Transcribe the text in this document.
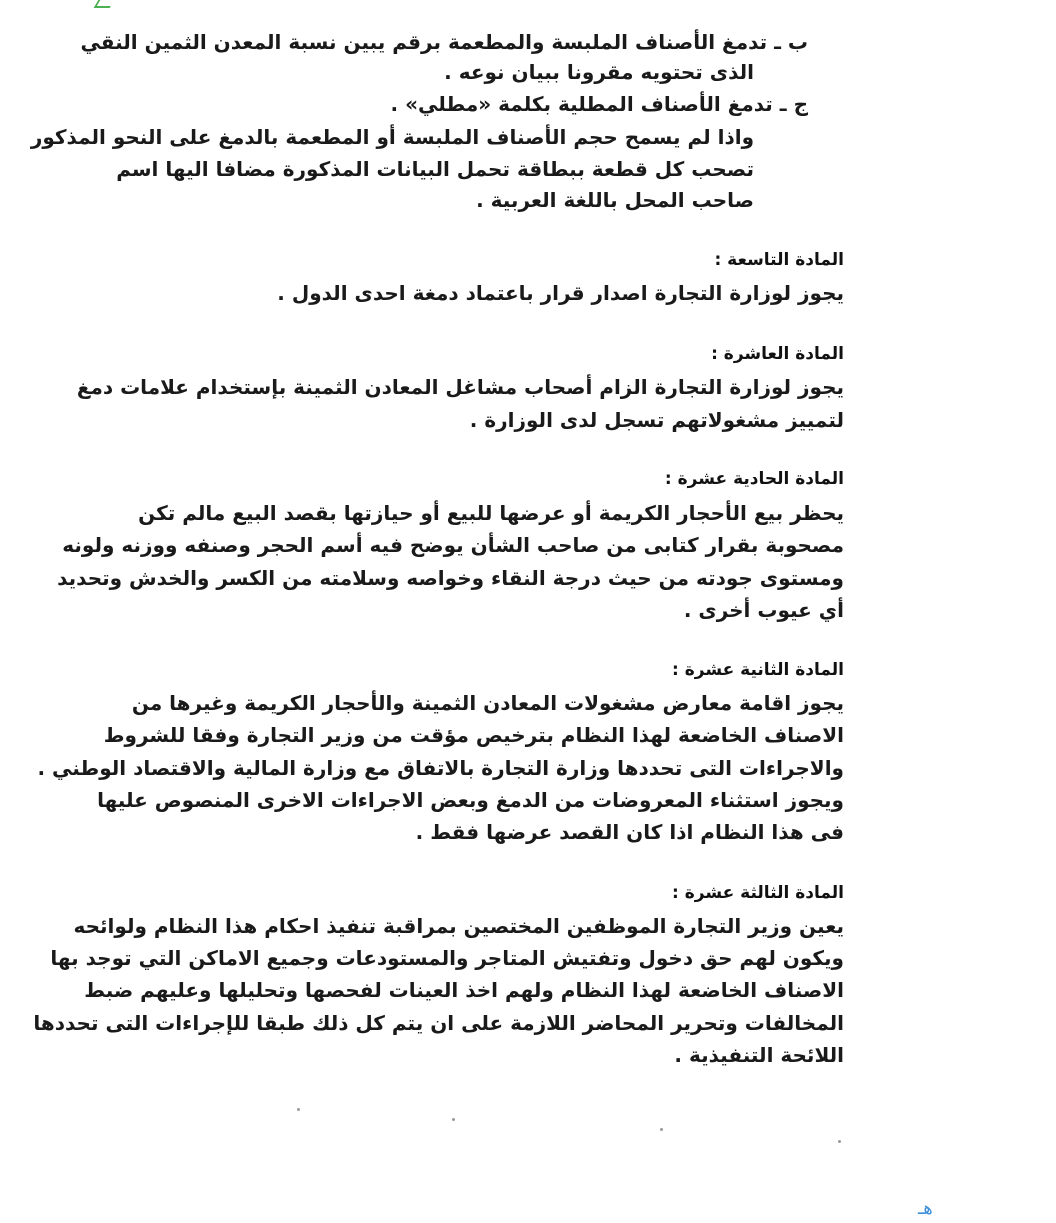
ب ـ تدمغ الأصناف الملبسة والمطعمة برقم يبين نسبة المعدن الثمين النقي
الذى تحتويه مقرونا ببيان نوعه .
ج ـ تدمغ الأصناف المطلية بكلمة «مطلي» .
واذا لم يسمح حجم الأصناف الملبسة أو المطعمة بالدمغ على النحو المذكور
تصحب كل قطعة ببطاقة تحمل البيانات المذكورة مضافا اليها اسم
صاحب المحل باللغة العربية .
المادة التاسعة :
يجوز لوزارة التجارة اصدار قرار باعتماد دمغة احدى الدول .
المادة العاشرة :
يجوز لوزارة التجارة الزام أصحاب مشاغل المعادن الثمينة بإستخدام علامات دمغ
لتمييز مشغولاتهم تسجل لدى الوزارة .
المادة الحادية عشرة :
يحظر بيع الأحجار الكريمة أو عرضها للبيع أو حيازتها بقصد البيع مالم تكن
مصحوبة بقرار كتابى من صاحب الشأن يوضح فيه أسم الحجر وصنفه ووزنه ولونه
ومستوى جودته من حيث درجة النقاء وخواصه وسلامته من الكسر والخدش وتحديد
أي عيوب أخرى .
المادة الثانية عشرة :
يجوز اقامة معارض مشغولات المعادن الثمينة والأحجار الكريمة وغيرها من
الاصناف الخاضعة لهذا النظام بترخيص مؤقت من وزير التجارة وفقا للشروط
والاجراءات التى تحددها وزارة التجارة بالاتفاق مع وزارة المالية والاقتصاد الوطني .
ويجوز استثناء المعروضات من الدمغ وبعض الاجراءات الاخرى المنصوص عليها
فى هذا النظام اذا كان القصد عرضها فقط .
المادة الثالثة عشرة :
يعين وزير التجارة الموظفين المختصين بمراقبة تنفيذ احكام هذا النظام ولوائحه
ويكون لهم حق دخول وتفتيش المتاجر والمستودعات وجميع الاماكن التي توجد بها
الاصناف الخاضعة لهذا النظام ولهم اخذ العينات لفحصها وتحليلها وعليهم ضبط
المخالفات وتحرير المحاضر اللازمة على ان يتم كل ذلك طبقا للإجراءات التى تحددها
اللائحة التنفيذية .
هـ
